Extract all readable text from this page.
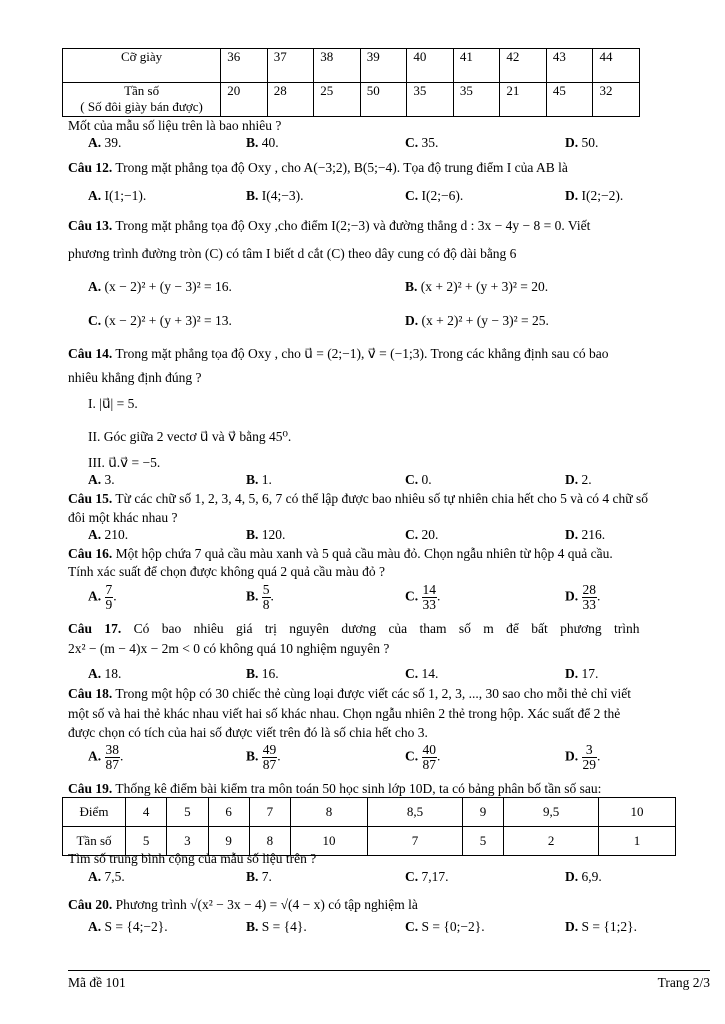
Cỡ giày	36	37	38	39	40	41	42	43	44

Tần số
( Số đôi giày bán được)	20	28	25	50	35	35	21	45	32
Mốt của mẫu số liệu trên là bao nhiêu ?
A. 39.	B. 40.	C. 35.	D. 50.
Câu 12. Trong mặt phẳng tọa độ Oxy , cho A(−3;2), B(5;−4). Tọa độ trung điểm I của AB là
A. I(1;−1).	B. I(4;−3).	C. I(2;−6).	D. I(2;−2).
Câu 13. Trong mặt phẳng tọa độ Oxy ,cho điểm I(2;−3) và đường thẳng d : 3x − 4y − 8 = 0. Viết
phương trình đường tròn (C) có tâm I biết d cắt (C) theo dây cung có độ dài bằng 6
A. (x − 2)² + (y − 3)² = 16.	B. (x + 2)² + (y + 3)² = 20.
C. (x − 2)² + (y + 3)² = 13.	D. (x + 2)² + (y − 3)² = 25.
Câu 14. Trong mặt phẳng tọa độ Oxy , cho u⃗ = (2;−1), v⃗ = (−1;3). Trong các khẳng định sau có bao
nhiêu khẳng định đúng ?
I. |u⃗| = 5.
II. Góc giữa 2 vectơ u⃗ và v⃗ bằng 45⁰.
III. u⃗.v⃗ = −5.
A. 3.	B. 1.	C. 0.	D. 2.
Câu 15. Từ các chữ số 1, 2, 3, 4, 5, 6, 7 có thể lập được bao nhiêu số tự nhiên chia hết cho 5 và có 4 chữ số
đôi một khác nhau ?
A. 210.	B. 120.	C. 20.	D. 216.
Câu 16. Một hộp chứa 7 quả cầu màu xanh và 5 quả cầu màu đỏ. Chọn ngẫu nhiên từ hộp 4 quả cầu.
Tính xác suất để chọn được không quá 2 quả cầu màu đỏ ?
A. $\frac{7}{9}$ .	B. $\frac{5}{8}$ .	C. $\frac{14}{33}$ .	D. $\frac{28}{33}$ .
Câu 17. Có bao nhiêu giá trị nguyên dương của tham số m để bất phương trình
2x² − (m − 4)x − 2m < 0 có không quá 10 nghiệm nguyên ?
A. 18.	B. 16.	C. 14.	D. 17.
Câu 18. Trong một hộp có 30 chiếc thẻ cùng loại được viết các số 1, 2, 3, ..., 30 sao cho mỗi thẻ chỉ viết
một số và hai thẻ khác nhau viết hai số khác nhau. Chọn ngẫu nhiên 2 thẻ trong hộp. Xác suất để 2 thẻ
được chọn có tích của hai số được viết trên đó là số chia hết cho 3.
A. $\frac{38}{87}$ .	B. $\frac{49}{87}$ .	C. $\frac{40}{87}$ .	D. $\frac{3}{29}$ .
Câu 19. Thống kê điểm bài kiểm tra môn toán 50 học sinh lớp 10D, ta có bảng phân bố tần số sau:
Điểm	4	5	6	7	8	8,5	9	9,5	10
Tần số	5	3	9	8	10	7	5	2	1
Tìm số trung bình cộng của mẫu số liệu trên ?
A. 7,5.	B. 7.	C. 7,17.	D. 6,9.
Câu 20. Phương trình √(x² − 3x − 4) = √(4 − x) có tập nghiệm là
A. S = {4;−2}.	B. S = {4}.	C. S = {0;−2}.	D. S = {1;2}.
Mã đề 101	Trang 2/3
